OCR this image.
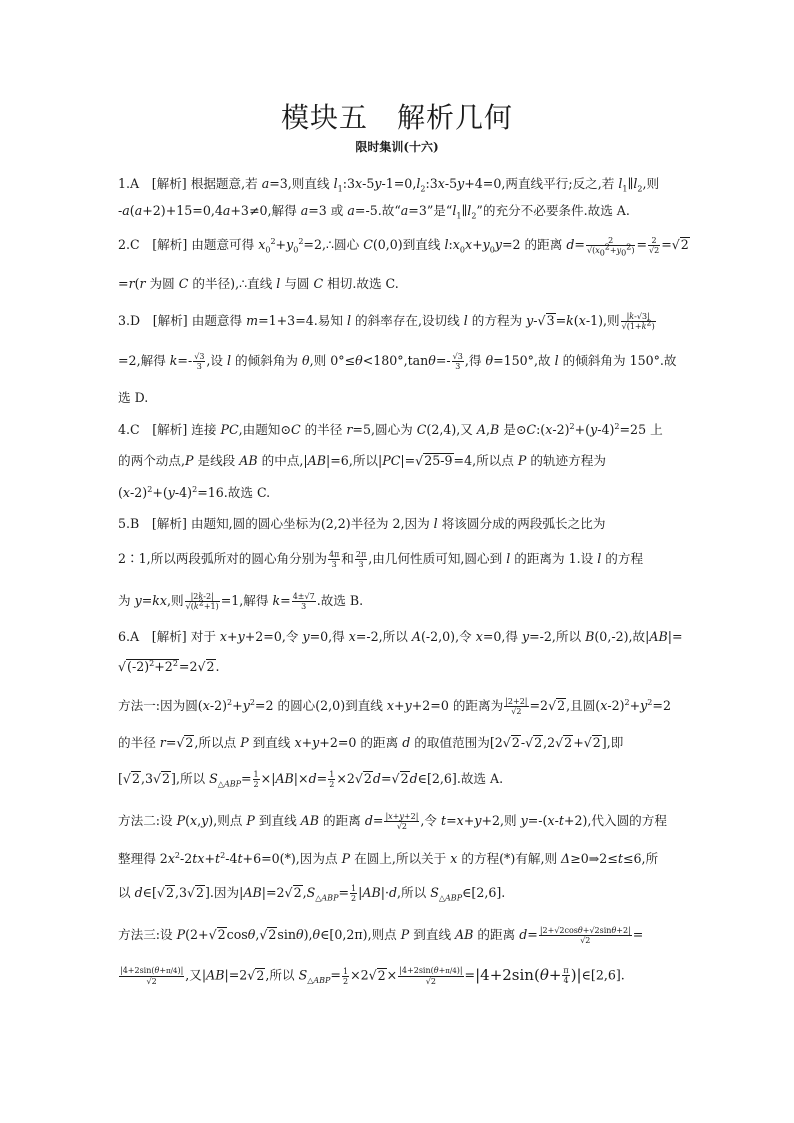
模块五　解析几何
限时集训(十六)
1.A　[解析] 根据题意,若 a=3,则直线 $l_1:3x-5y-1=0,l_2:3x-5y+4=0$,两直线平行;反之,若 $l_1\parallel l_2$,则
-a(a+2)+15=0,4a+3≠0,解得 a=3 或 a=-5.故“a=3”是“$l_1\parallel l_2$”的充分不必要条件.故选 A.
2.C　[解析] 由题意可得 $x_0^2+y_0^2=2,\therefore$圆心 C(0,0)到直线 $l:x_0x+y_0y=2$ 的距离 $d= \frac{2}{√(x_0^2+y_0^2)} = \frac{2}{√2} =√2$
=r(r 为圆 C 的半径),∴直线 l 与圆 C 相切.故选 C.
3.D　[解析] 由题意得 m=1+3=4.易知 l 的斜率存在,设切线 l 的方程为 y-√3=k(x-1),则 $\frac{|k-√3|}{√(1+k^2)}$
=2,解得 $k=- \frac{√3}{3}$ ,设 l 的倾斜角为 θ,则 $0^\circ\le\theta<180^\circ,\tan\theta=- \frac{√3}{3}$ ,得 θ=150°,故 l 的倾斜角为 150°.故
选 D.
4.C　[解析] 连接 PC,由题知⊙C 的半径 r=5,圆心为 C(2,4),又 A,B 是$⊙C:(x-2)^2+(y-4)^2=25$ 上
的两个动点,P 是线段 AB 的中点,|AB|=6,所以|PC|=√25-9=4,所以点 P 的轨迹方程为
$(x-2)^2+(y-4)^2=16$.故选 C.
5.B　[解析] 由题知,圆的圆心坐标为(2,2)半径为 2,因为 l 将该圆分成的两段弧长之比为
2∶1,所以两段弧所对的圆心角分别为 $\frac{4\pi}{3}$ 和 $\frac{2\pi}{3}$ ,由几何性质可知,圆心到 l 的距离为 1.设 l 的方程
为 y=kx,则 $\frac{|2k-2|}{√(k^2+1)} =1$,解得 $k= \frac{4\pm√7}{3}$ .故选 B.
6.A　[解析] 对于 x+y+2=0,令 y=0,得 x=-2,所以 A(-2,0),令 x=0,得 y=-2,所以 B(0,-2),故|AB|=
$√(-2)^2+2^2=2√2$.
方法一:因为圆$(x-2)^2+y^2=2$ 的圆心(2,0)到直线 x+y+2=0 的距离为 $\frac{|2+2|}{√2} =2√2$,且圆$(x-2)^2+y^2=2$
的半径 r=√2,所以点 P 到直线 x+y+2=0 的距离 d 的取值范围为[2√2-√2,2√2+√2],即
[√2,3√2],所以 $S_{\triangle ABP}= \frac{1}{2} \times|AB|\times d= \frac{1}{2}$ ×2√2d=√2d∈[2,6].故选 A.
方法二:设 P(x,y),则点 P 到直线 AB 的距离 $d= \frac{|x+y+2|}{√2}$ ,令 t=x+y+2,则 y=-(x-t+2),代入圆的方程
整理得 $2x^2-2tx+t^2-4t+6=0(*)$,因为点 P 在圆上,所以关于 x 的方程(*)有解,则 Δ≥0⇒2≤t≤6,所
以 d∈[√2,3√2].因为$|AB|=2√2,S_{\triangle ABP}= \frac{1}{2} |AB|\cdot d$,所以 $S_{\triangle ABP}\in[2,6]$.
方法三:设 P(2+√2cosθ,√2sinθ),θ∈[0,2π),则点 P 到直线 AB 的距离 $d= \frac{|2+√2\cos\theta+√2\sin\theta+2|}{√2}$ =
$\frac{|4+2\sin(\theta+\pi/4)|}{√2}$ ,又|AB|=2√2,所以 $S_{\triangle ABP}= \frac{1}{2} \times 2√2\times \frac{|4+2\sin(\theta+\pi/4)|}{√2} =|4+2\sin(\theta+ \frac{\pi}{4}$ )|∈[2,6].
